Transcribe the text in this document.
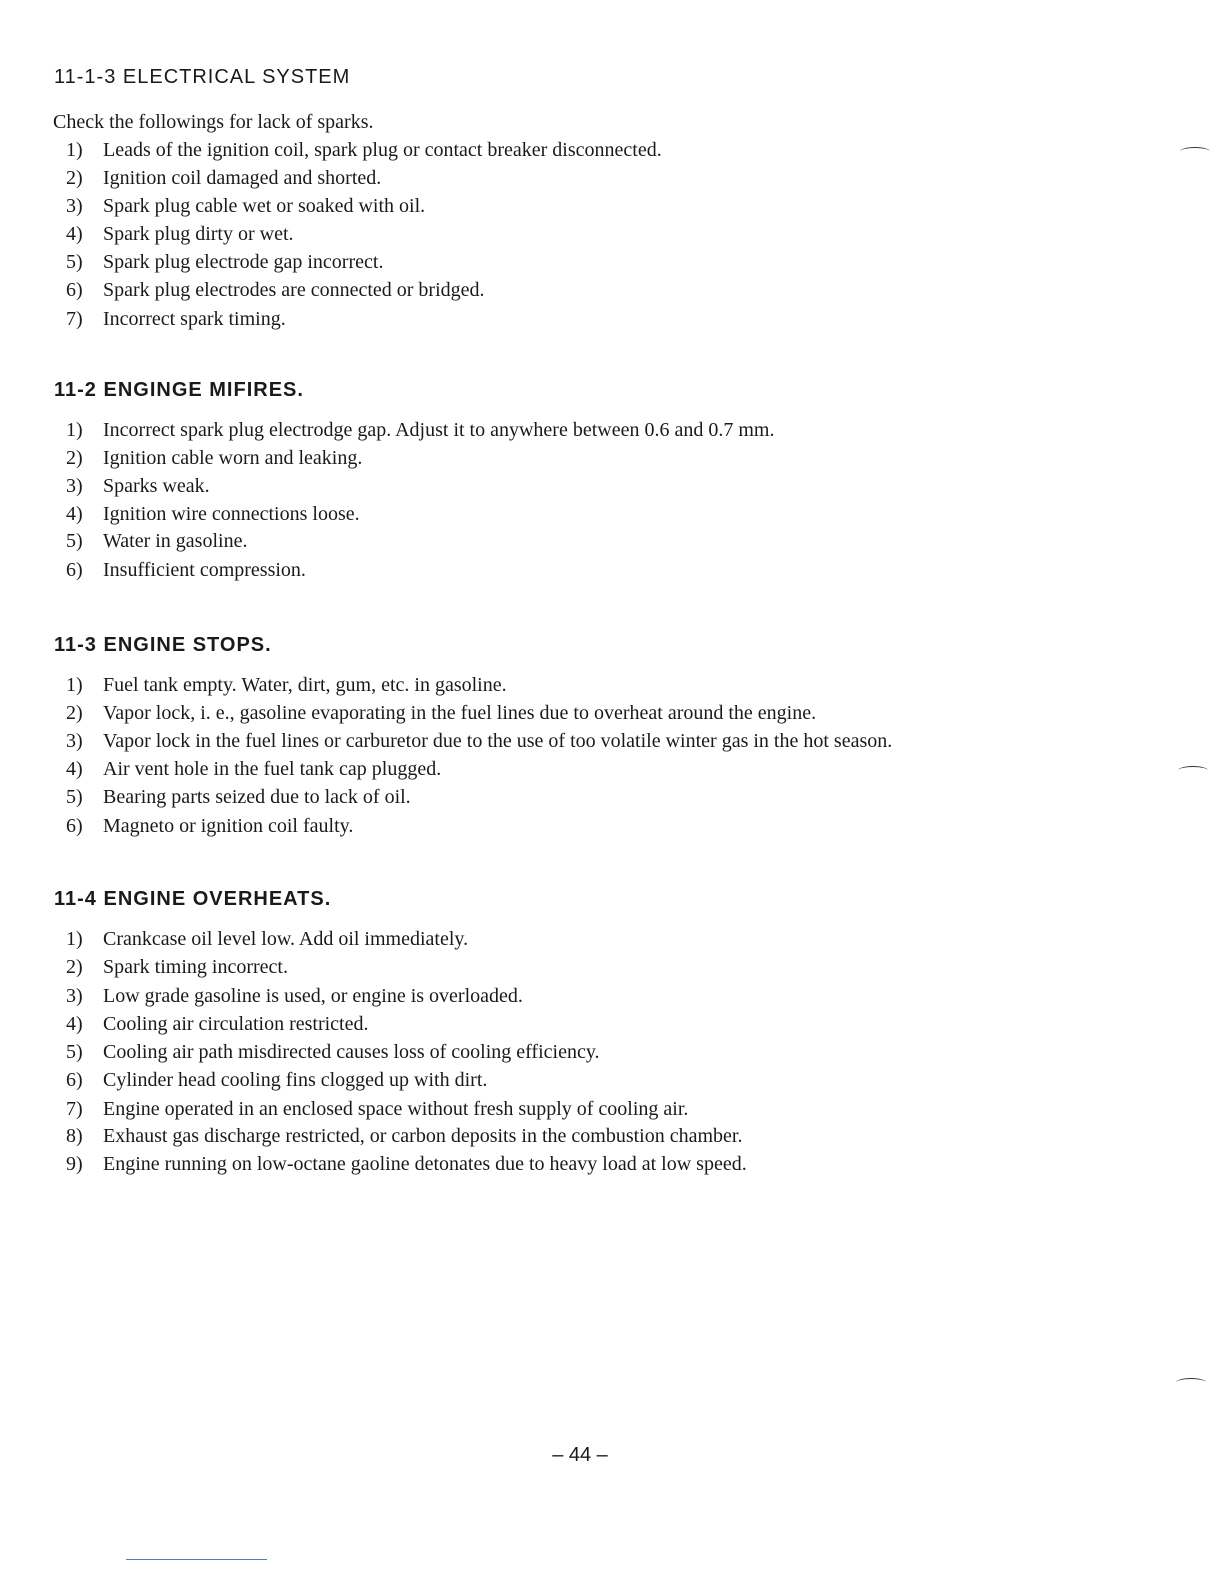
11-1-3 ELECTRICAL SYSTEM

Check the followings for lack of sparks.

1)	Leads of the ignition coil, spark plug or contact breaker disconnected.
2)	Ignition coil damaged and shorted.
3)	Spark plug cable wet or soaked with oil.
4)	Spark plug dirty or wet.
5)	Spark plug electrode gap incorrect.
6)	Spark plug electrodes are connected or bridged.
7)	Incorrect spark timing.
11-2 ENGINGE MIFIRES.
1)	Incorrect spark plug electrodge gap. Adjust it to anywhere between 0.6 and 0.7 mm.
2)	Ignition cable worn and leaking.
3)	Sparks weak.
4)	Ignition wire connections loose.
5)	Water in gasoline.
6)	Insufficient compression.
11-3 ENGINE STOPS.
1)	Fuel tank empty. Water, dirt, gum, etc. in gasoline.
2)	Vapor lock, i. e., gasoline evaporating in the fuel lines due to overheat around the engine.
3)	Vapor lock in the fuel lines or carburetor due to the use of too volatile winter gas in the hot season.
4)	Air vent hole in the fuel tank cap plugged.
5)	Bearing parts seized due to lack of oil.
6)	Magneto or ignition coil faulty.
11-4 ENGINE OVERHEATS.
1)	Crankcase oil level low. Add oil immediately.
2)	Spark timing incorrect.
3)	Low grade gasoline is used, or engine is overloaded.
4)	Cooling air circulation restricted.
5)	Cooling air path misdirected causes loss of cooling efficiency.
6)	Cylinder head cooling fins clogged up with dirt.
7)	Engine operated in an enclosed space without fresh supply of cooling air.
8)	Exhaust gas discharge restricted, or carbon deposits in the combustion chamber.
9)	Engine running on low-octane gaoline detonates due to heavy load at low speed.
– 44 –
